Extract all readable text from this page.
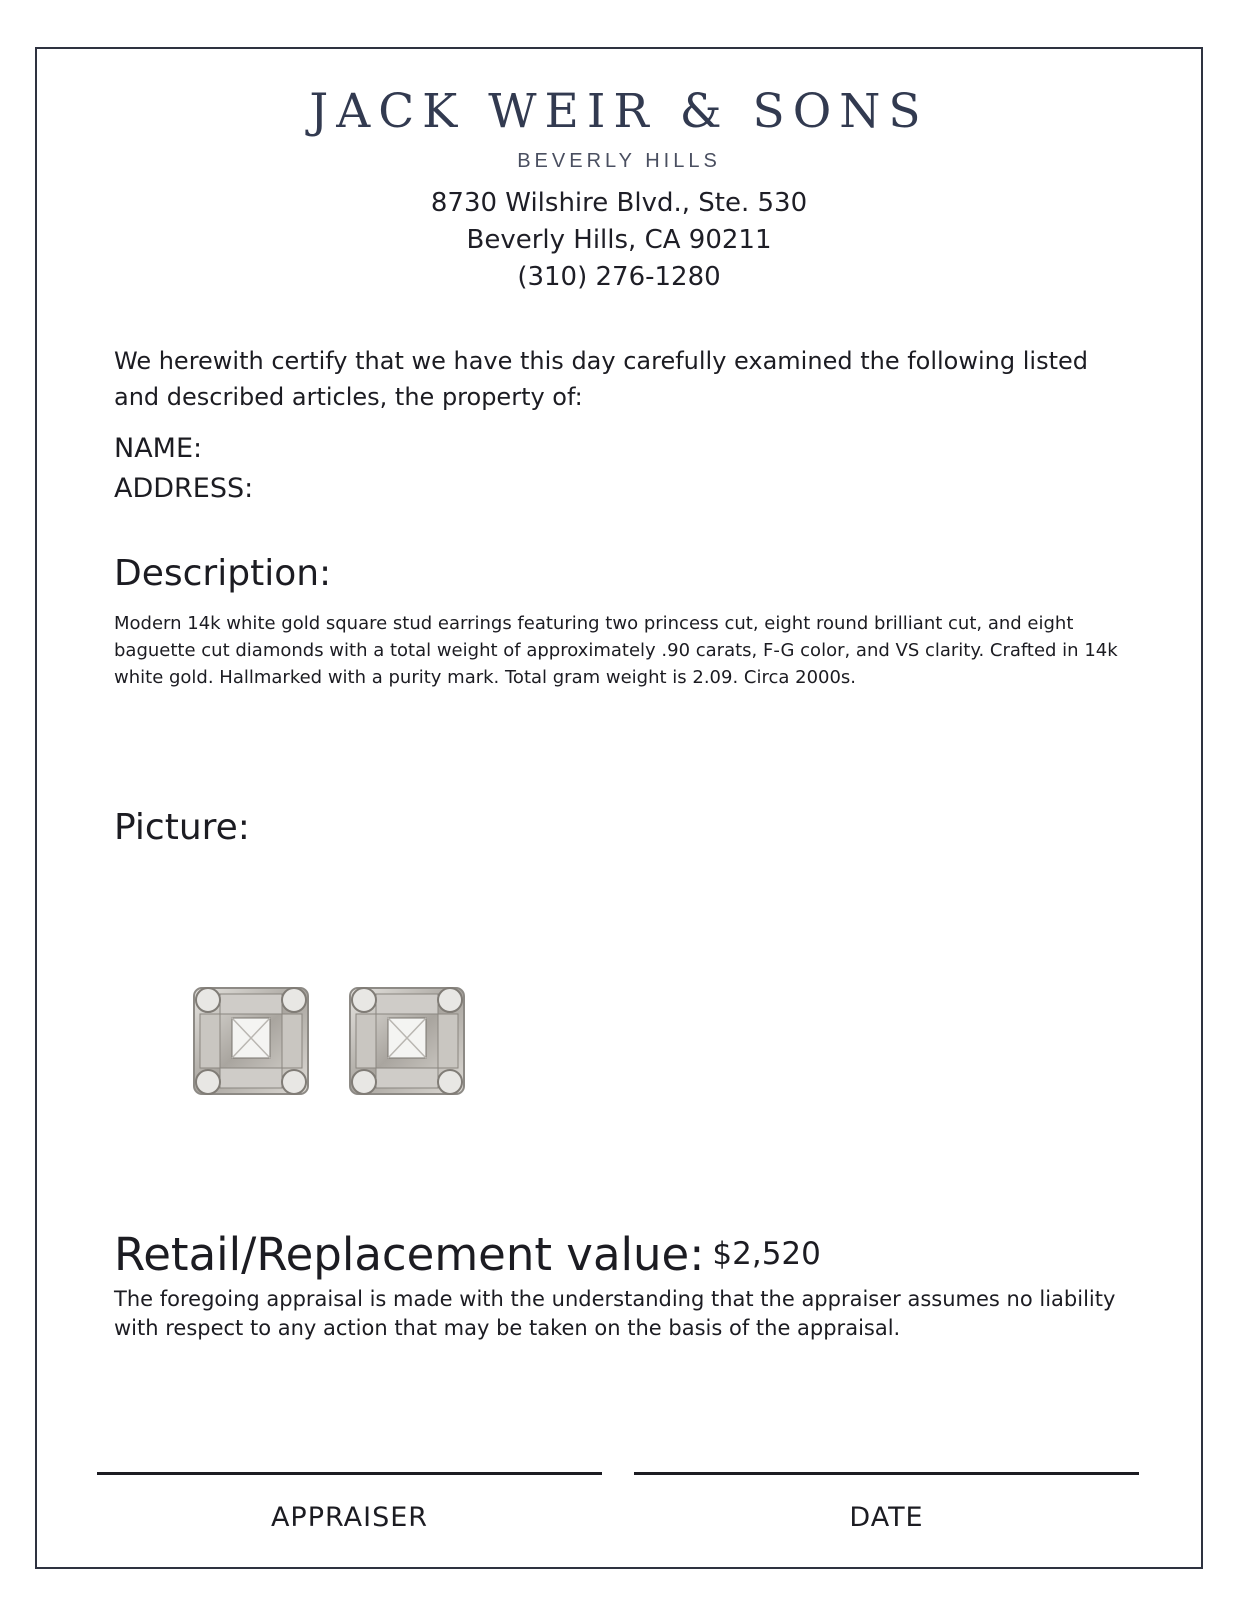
JACK WEIR & SONS
BEVERLY HILLS
8730 Wilshire Blvd., Ste. 530
Beverly Hills, CA 90211
(310) 276-1280
We herewith certify that we have this day carefully examined the following listed and described articles, the property of:
NAME:
ADDRESS:
Description:
Modern 14k white gold square stud earrings featuring two princess cut, eight round brilliant cut, and eight baguette cut diamonds with a total weight of approximately .90 carats, F-G color, and VS clarity. Crafted in 14k white gold. Hallmarked with a purity mark. Total gram weight is 2.09. Circa 2000s.
Picture:
Retail/Replacement value: $2,520
The foregoing appraisal is made with the understanding that the appraiser assumes no liability with respect to any action that may be taken on the basis of the appraisal.
APPRAISER	DATE
